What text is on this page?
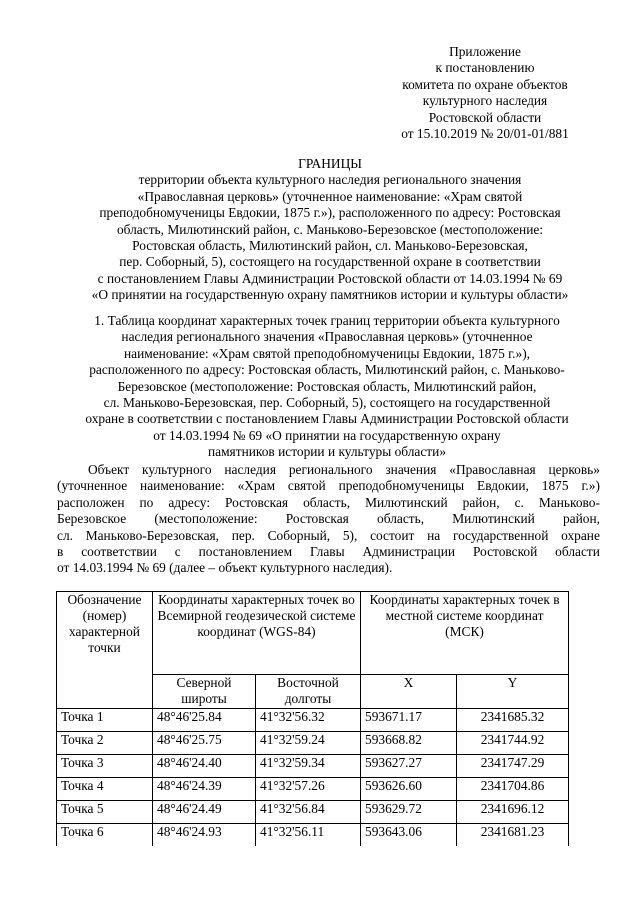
Приложение
к постановлению
комитета по охране объектов
культурного наследия
Ростовской области
от 15.10.2019 № 20/01-01/881
ГРАНИЦЫ
территории объекта культурного наследия регионального значения
«Православная церковь» (уточненное наименование: «Храм святой
преподобномученицы Евдокии, 1875 г.»), расположенного по адресу: Ростовская
область, Милютинский район, с. Маньково-Березовское (местоположение:
Ростовская область, Милютинский район, сл. Маньково-Березовская,
пер. Соборный, 5), состоящего на государственной охране в соответствии
с постановлением Главы Администрации Ростовской области от 14.03.1994 № 69
«О принятии на государственную охрану памятников истории и культуры области»
1. Таблица координат характерных точек границ территории объекта культурного
наследия регионального значения «Православная церковь» (уточненное
наименование: «Храм святой преподобномученицы Евдокии, 1875 г.»),
расположенного по адресу: Ростовская область, Милютинский район, с. Маньково-
Березовское (местоположение: Ростовская область, Милютинский район,
сл. Маньково-Березовская, пер. Соборный, 5), состоящего на государственной
охране в соответствии с постановлением Главы Администрации Ростовской области
от 14.03.1994 № 69 «О принятии на государственную охрану
памятников истории и культуры области»
Объект культурного наследия регионального значения «Православная церковь»
(уточненное наименование: «Храм святой преподобномученицы Евдокии, 1875 г.»)
расположен по адресу: Ростовская область, Милютинский район, с. Маньково-
Березовское (местоположение: Ростовская область, Милютинский район,
сл. Маньково-Березовская, пер. Соборный, 5), состоит на государственной охране
в соответствии с постановлением Главы Администрации Ростовской области
от 14.03.1994 № 69 (далее – объект культурного наследия).
Обозначение (номер) характерной точки	Координаты характерных точек во Всемирной геодезической системе координат (WGS-84)		Координаты характерных точек в местной системе координат (МСК)	
	Северной широты	Восточной долготы	X	Y
Точка 1	48°46'25.84	41°32'56.32	593671.17	2341685.32
Точка 2	48°46'25.75	41°32'59.24	593668.82	2341744.92
Точка 3	48°46'24.40	41°32'59.34	593627.27	2341747.29
Точка 4	48°46'24.39	41°32'57.26	593626.60	2341704.86
Точка 5	48°46'24.49	41°32'56.84	593629.72	2341696.12
Точка 6	48°46'24.93	41°32'56.11	593643.06	2341681.23
